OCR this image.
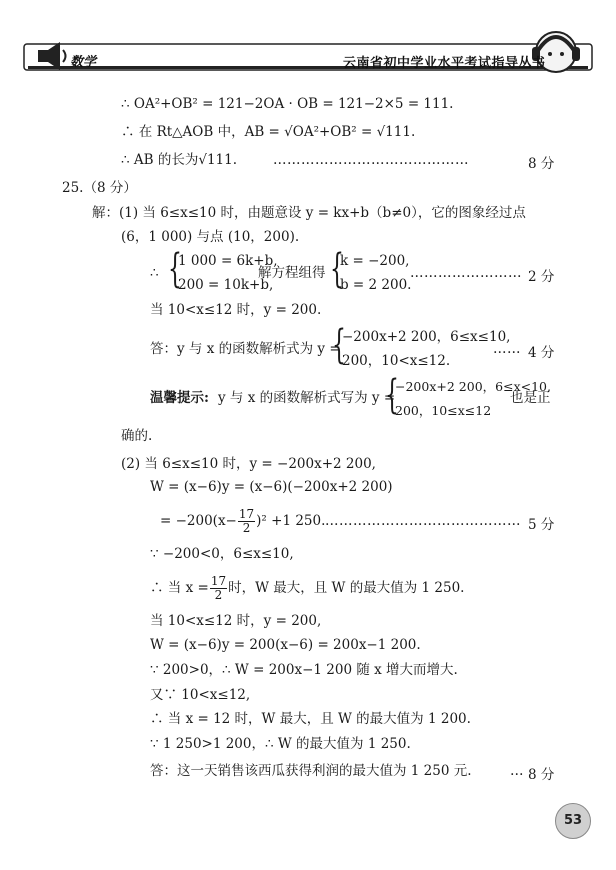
数学	云南省初中学业水平考试指导丛书
∴ OA²+OB² = 121−2OA · OB = 121−2×5 = 111.
∴ 在 Rt△AOB 中，AB = √OA²+OB² = √111.
∴ AB 的长为√111.	……………………………………	8 分
25.（8 分）
解：(1) 当 6≤x≤10 时，由题意设 y = kx+b（b≠0），它的图象经过点
(6，1 000) 与点 (10，200).
∴ {
1 000 = 6k+b,
200 = 10k+b,
解方程组得 {
k = −200,
b = 2 200.
…………………… 2 分
当 10<x≤12 时，y = 200.
答：y 与 x 的函数解析式为 y =
{
−200x+2 200，6≤x≤10,
200，10<x≤12.
…… 4 分
温馨提示: y 与 x 的函数解析式写为 y =
{
−200x+2 200，6≤x<10,
200，10≤x≤12
也是正
确的.
(2) 当 6≤x≤10 时，y = −200x+2 200,
W = (x−6)y = (x−6)(−200x+2 200)
= $-200(x- \frac{17}{2} )^2 +1$ 250. …………………………………… 5 分
∵ −200<0，6≤x≤10,
∴ 当 $x = \frac{17}{2}$ 时，W 最大，且 W 的最大值为 1 250.
当 10<x≤12 时，y = 200,
W = (x−6)y = 200(x−6) = 200x−1 200.
∵ 200>0，∴ W = 200x−1 200 随 x 增大而增大.
又∵ 10<x≤12,
∴ 当 x = 12 时，W 最大，且 W 的最大值为 1 200.
∵ 1 250>1 200，∴ W 的最大值为 1 250.
答：这一天销售该西瓜获得利润的最大值为 1 250 元.	… 8 分
53
